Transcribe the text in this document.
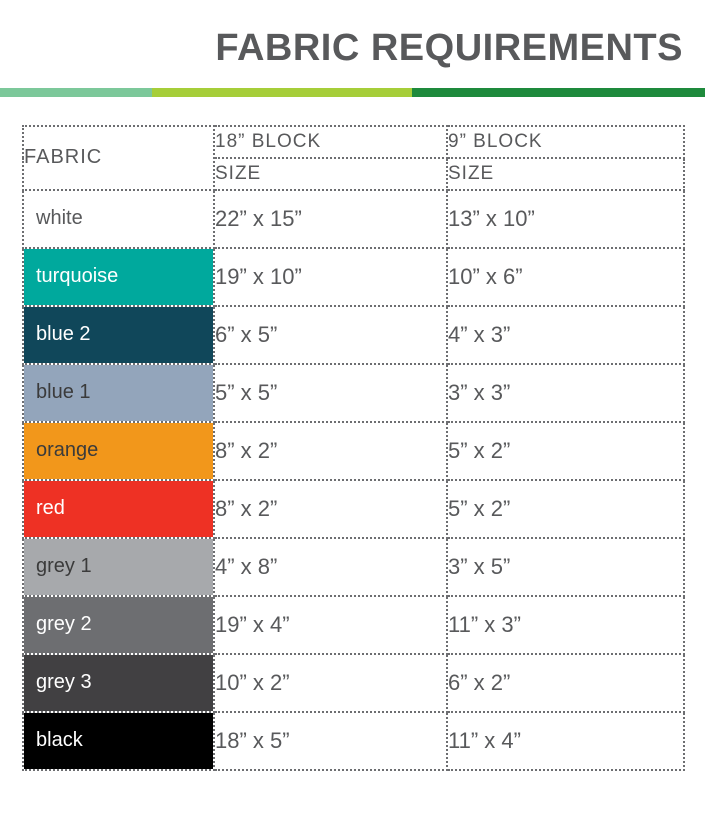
FABRIC REQUIREMENTS
FABRIC	18” BLOCK	9” BLOCK
	SIZE	SIZE

white	22” x 15”	13” x 10”

turquoise	19” x 10”	10” x 6”

blue 2	6” x 5”	4” x 3”

blue 1	5” x 5”	3” x 3”

orange	8” x 2”	5” x 2”

red	8” x 2”	5” x 2”

grey 1	4” x 8”	3” x 5”

grey 2	19” x 4”	11” x 3”

grey 3	10” x 2”	6” x 2”

black	18” x 5”	11” x 4”
